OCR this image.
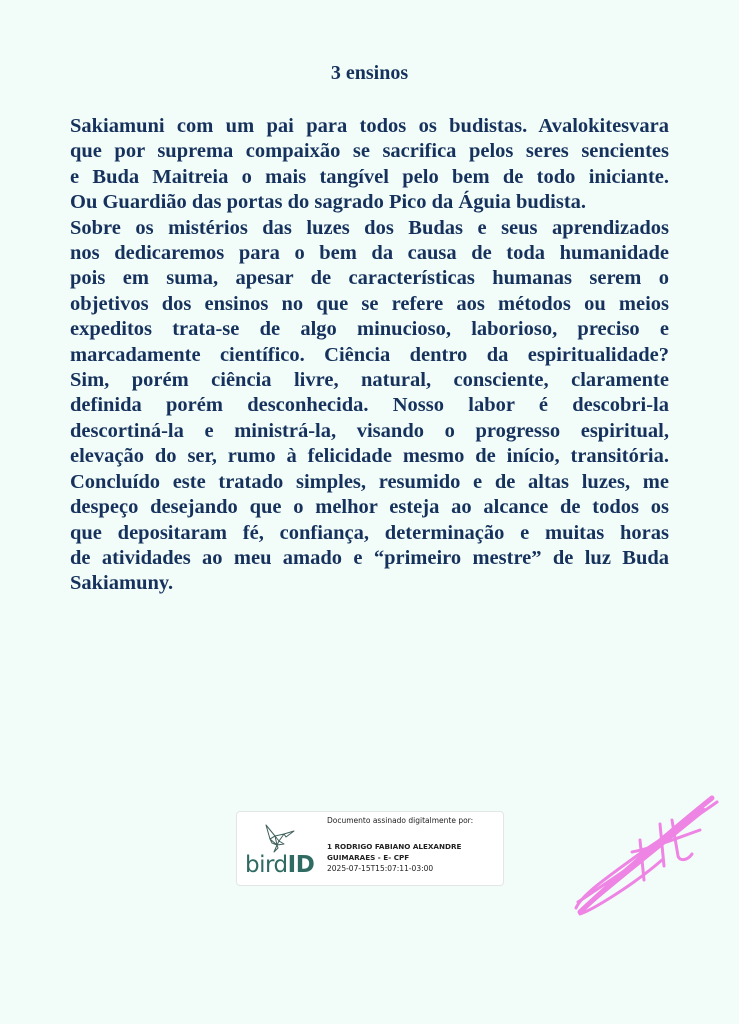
3 ensinos
Sakiamuni com um pai para todos os budistas. Avalokitesvara
que por suprema compaixão se sacrifica pelos seres sencientes
e Buda Maitreia o mais tangível pelo bem de todo iniciante.
Ou Guardião das portas do sagrado Pico da Águia budista.
Sobre os mistérios das luzes dos Budas e seus aprendizados
nos dedicaremos para o bem da causa de toda humanidade
pois em suma, apesar de características humanas serem o
objetivos dos ensinos no que se refere aos métodos ou meios
expeditos trata-se de algo minucioso, laborioso, preciso e
marcadamente científico. Ciência dentro da espiritualidade?
Sim, porém ciência livre, natural, consciente, claramente
definida porém desconhecida. Nosso labor é descobri-la
descortiná-la e ministrá-la, visando o progresso espiritual,
elevação do ser, rumo à felicidade mesmo de início, transitória.
Concluído este tratado simples, resumido e de altas luzes, me
despeço desejando que o melhor esteja ao alcance de todos os
que depositaram fé, confiança, determinação e muitas horas
de atividades ao meu amado e “primeiro mestre” de luz Buda
Sakiamuny.
birdID
Documento assinado digitalmente por:
1 RODRIGO FABIANO ALEXANDRE
GUIMARAES - E- CPF
2025-07-15T15:07:11-03:00
